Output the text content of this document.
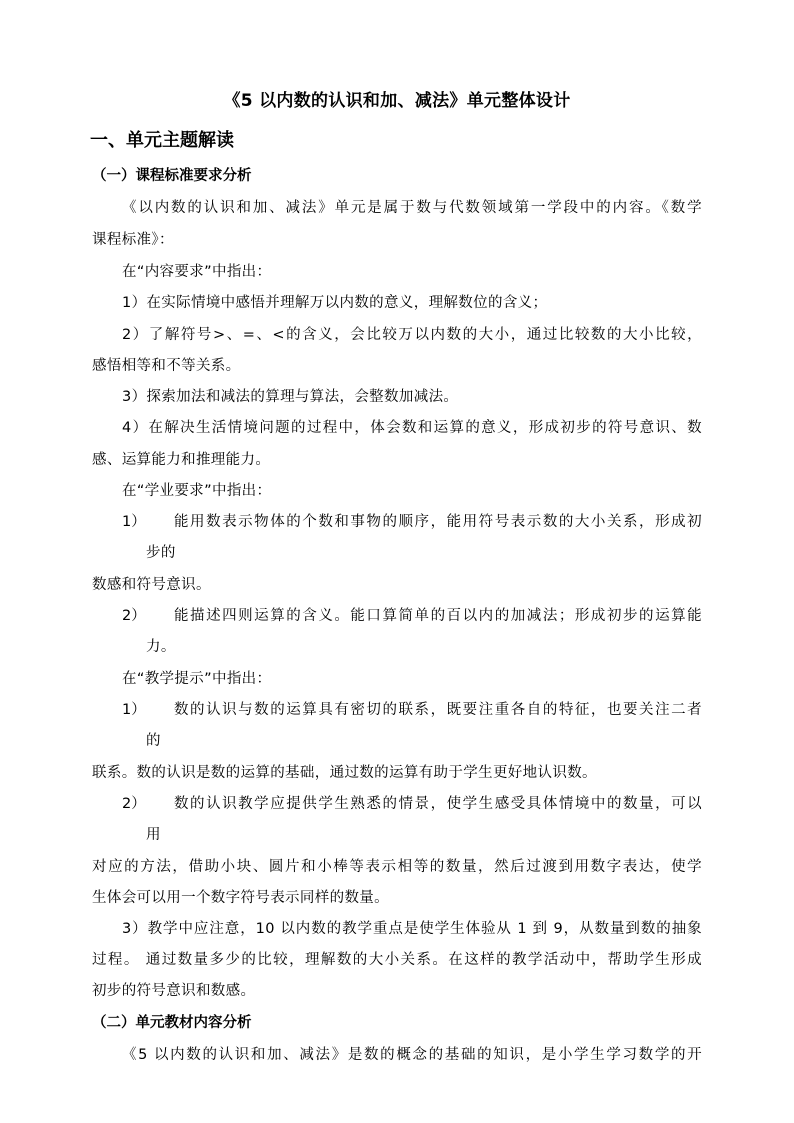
《5 以内数的认识和加、减法》单元整体设计
一、单元主题解读
（一）课程标准要求分析
《以内数的认识和加、减法》单元是属于数与代数领域第一学段中的内容。《数学
课程标准》：
在“内容要求”中指出：
1）在实际情境中感悟并理解万以内数的意义，理解数位的含义；
2）了解符号>、=、<的含义，会比较万以内数的大小，通过比较数的大小比较，
感悟相等和不等关系。
3）探索加法和减法的算理与算法，会整数加减法。
4）在解决生活情境问题的过程中，体会数和运算的意义，形成初步的符号意识、数
感、运算能力和推理能力。
在“学业要求”中指出：
1） 能用数表示物体的个数和事物的顺序，能用符号表示数的大小关系，形成初
步的
数感和符号意识。
2） 能描述四则运算的含义。能口算简单的百以内的加减法；形成初步的运算能
力。
在“教学提示”中指出：
1） 数的认识与数的运算具有密切的联系，既要注重各自的特征，也要关注二者
的
联系。数的认识是数的运算的基础，通过数的运算有助于学生更好地认识数。
2） 数的认识教学应提供学生熟悉的情景，使学生感受具体情境中的数量，可以
用
对应的方法，借助小块、圆片和小棒等表示相等的数量，然后过渡到用数字表达，使学
生体会可以用一个数字符号表示同样的数量。
3）教学中应注意，10 以内数的教学重点是使学生体验从 1 到 9，从数量到数的抽象
过程。 通过数量多少的比较，理解数的大小关系。在这样的教学活动中，帮助学生形成
初步的符号意识和数感。
（二）单元教材内容分析
《5 以内数的认识和加、减法》是数的概念的基础的知识，是小学生学习数学的开
